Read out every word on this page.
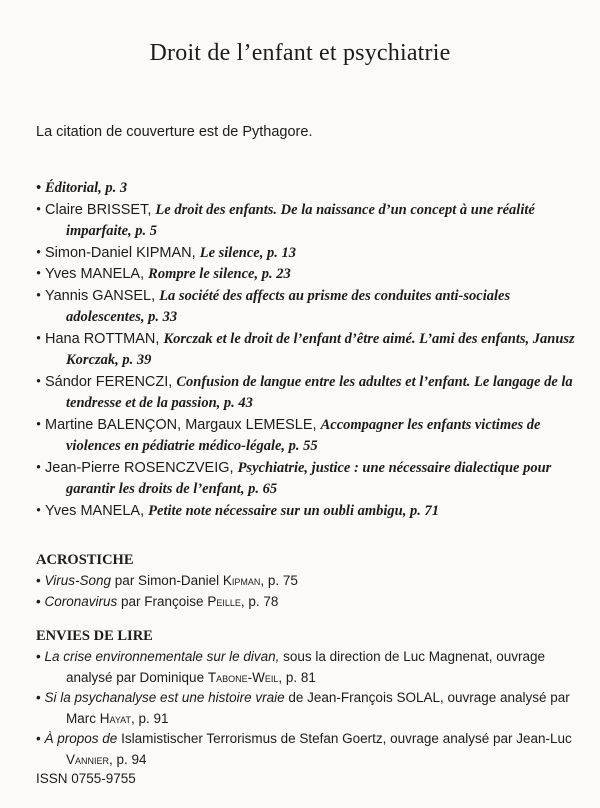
Droit de l’enfant et psychiatrie
La citation de couverture est de Pythagore.
• Éditorial, p. 3
• Claire BRISSET, Le droit des enfants. De la naissance d’un concept à une réalité imparfaite, p. 5
• Simon-Daniel KIPMAN, Le silence, p. 13
• Yves MANELA, Rompre le silence, p. 23
• Yannis GANSEL, La société des affects au prisme des conduites anti-sociales adolescentes, p. 33
• Hana ROTTMAN, Korczak et le droit de l’enfant d’être aimé. L’ami des enfants, Janusz Korczak, p. 39
• Sándor FERENCZI, Confusion de langue entre les adultes et l’enfant. Le langage de la tendresse et de la passion, p. 43
• Martine BALENÇON, Margaux LEMESLE, Accompagner les enfants victimes de violences en pédiatrie médico-légale, p. 55
• Jean-Pierre ROSENCZVEIG, Psychiatrie, justice : une nécessaire dialectique pour garantir les droits de l’enfant, p. 65
• Yves MANELA, Petite note nécessaire sur un oubli ambigu, p. 71
ACROSTICHE
• Virus-Song par Simon-Daniel Kipman, p. 75
• Coronavirus par Françoise Peille, p. 78
ENVIES DE LIRE
• La crise environnementale sur le divan, sous la direction de Luc Magnenat, ouvrage analysé par Dominique Tabone-Weil, p. 81
• Si la psychanalyse est une histoire vraie de Jean-François SOLAL, ouvrage analysé par Marc Hayat, p. 91
• À propos de Islamistischer Terrorismus de Stefan Goertz, ouvrage analysé par Jean-Luc Vannier, p. 94
ISSN 0755-9755
